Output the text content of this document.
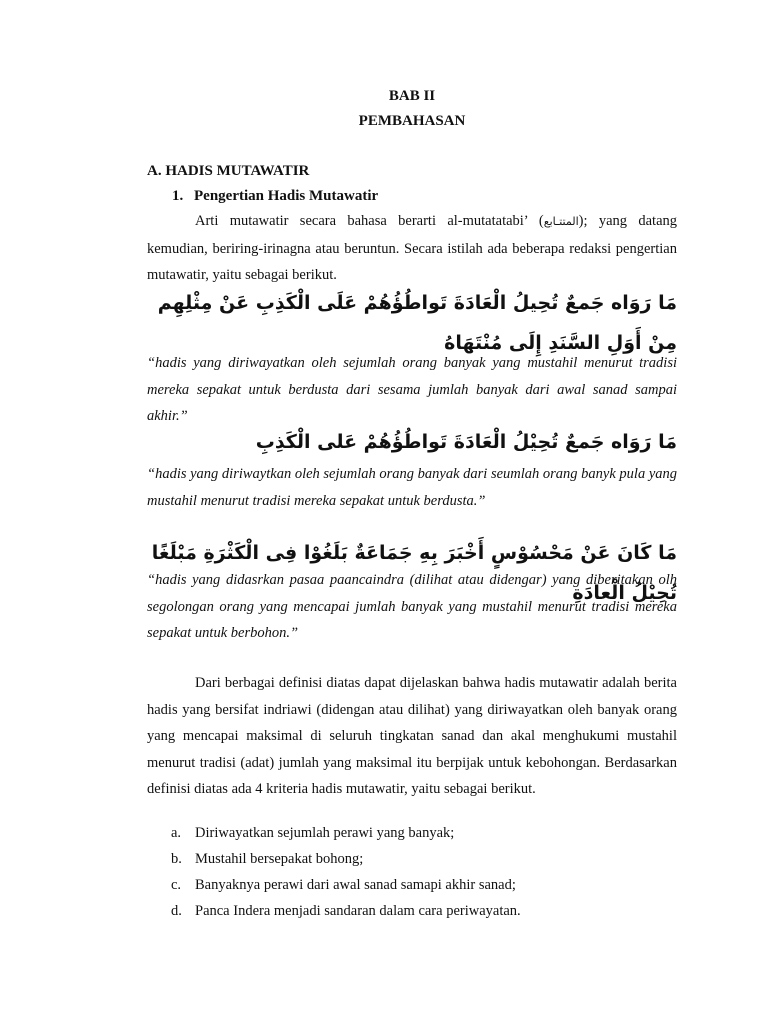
BAB II
PEMBAHASAN
A. HADIS MUTAWATIR
1. Pengertian Hadis Mutawatir
Arti mutawatir secara bahasa berarti al-mutatatabi’ (المتتـابع); yang datang kemudian, beriring-irinagna atau beruntun. Secara istilah ada beberapa redaksi pengertian mutawatir, yaitu sebagai berikut.
مَا رَوَاه جَمعٌ تُحِيلُ الْعَادَةَ تَواطُؤُهُمْ عَلَى الْكَذِبِ عَنْ مِثْلِهِم مِنْ أَوَلِ السَّنَدِ إِلَى مُنْتَهَاهُ
“hadis yang diriwayatkan oleh sejumlah orang banyak yang mustahil menurut tradisi mereka sepakat untuk berdusta dari sesama jumlah banyak dari awal sanad sampai akhir.”
مَا رَوَاه جَمعٌ تُحِيْلُ الْعَادَةَ تَواطُؤُهُمْ عَلى الْكَذِبِ
“hadis yang diriwaytkan oleh sejumlah orang banyak dari seumlah orang banyk pula yang mustahil menurut tradisi mereka sepakat untuk berdusta.”
مَا كَانَ عَنْ مَحْسُوْسٍ أَخْبَرَ بِهِ جَمَاعَةٌ بَلَغُوْا فِى الْكَثْرَةِ مَبْلَغًا تُحِيْلُ الْعادَةِ
“hadis yang didasrkan pasaa paancaindra (dilihat atau didengar) yang diberitakan olh segolongan orang yang mencapai jumlah banyak yang mustahil menurut tradisi mereka sepakat untuk berbohon.”
Dari berbagai definisi diatas dapat dijelaskan bahwa hadis mutawatir adalah berita hadis yang bersifat indriawi (didengan atau dilihat) yang diriwayatkan oleh banyak orang yang mencapai maksimal di seluruh tingkatan sanad dan akal menghukumi mustahil menurut tradisi (adat) jumlah yang maksimal itu berpijak untuk kebohongan. Berdasarkan definisi diatas ada 4 kriteria hadis mutawatir, yaitu sebagai berikut.
a. Diriwayatkan sejumlah perawi yang banyak;
b. Mustahil bersepakat bohong;
c. Banyaknya perawi dari awal sanad samapi akhir sanad;
d. Panca Indera menjadi sandaran dalam cara periwayatan.
